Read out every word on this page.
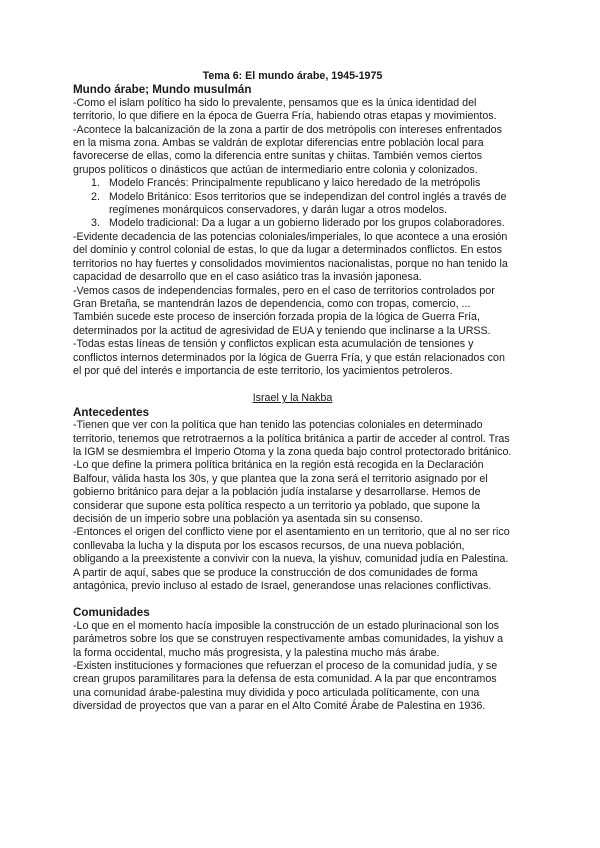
Tema 6: El mundo árabe, 1945-1975

Mundo árabe; Mundo musulmán

-Como el islam político ha sido lo prevalente, pensamos que es la única identidad del territorio, lo que difiere en la época de Guerra Fría, habiendo otras etapas y movimientos.

-Acontece la balcanización de la zona a partir de dos metrópolis con intereses enfrentados en la misma zona. Ambas se valdrán de explotar diferencias entre población local para favorecerse de ellas, como la diferencia entre sunitas y chiitas. También vemos ciertos grupos políticos o dinásticos que actúan de intermediario entre colonia y colonizados.

1. Modelo Francés: Principalmente republicano y laico heredado de la metrópolis
2. Modelo Británico: Esos territorios que se independizan del control inglés a través de regímenes monárquicos conservadores, y darán lugar a otros modelos.
3. Modelo tradicional: Da a lugar a un gobierno liderado por los grupos colaboradores.

-Evidente decadencia de las potencias coloniales/imperiales, lo que acontece a una erosión del dominio y control colonial de estas, lo que da lugar a determinados conflictos. En estos territorios no hay fuertes y consolidados movimientos nacionalistas, porque no han tenido la capacidad de desarrollo que en el caso asiático tras la invasión japonesa.

-Vemos casos de independencias formales, pero en el caso de territorios controlados por Gran Bretaña, se mantendrán lazos de dependencia, como con tropas, comercio, ... También sucede este proceso de inserción forzada propia de la lógica de Guerra Fría, determinados por la actitud de agresividad de EUA y teniendo que inclinarse a la URSS.

-Todas estas líneas de tensión y conflictos explican esta acumulación de tensiones y conflictos internos determinados por la lógica de Guerra Fría, y que están relacionados con el por qué del interés e importancia de este territorio, los yacimientos petroleros.

Israel y la Nakba

Antecedentes

-Tienen que ver con la política que han tenido las potencias coloniales en determinado territorio, tenemos que retrotraernos a la política británica a partir de acceder al control. Tras la IGM se desmiembra el Imperio Otoma y la zona queda bajo control protectorado británico.

-Lo que define la primera política británica en la región está recogida en la Declaración Balfour, válida hasta los 30s, y que plantea que la zona será el territorio asignado por el gobierno británico para dejar a la población judía instalarse y desarrollarse. Hemos de considerar que supone esta política respecto a un territorio ya poblado, que supone la decisión de un imperio sobre una población ya asentada sin su consenso.

-Entonces el origen del conflicto viene por el asentamiento en un territorio, que al no ser rico conllevaba la lucha y la disputa por los escasos recursos, de una nueva población, obligando a la preexistente a convivir con la nueva, la yishuv, comunidad judía en Palestina. A partir de aquí, sabes que se produce la construcción de dos comunidades de forma antagónica, previo incluso al estado de Israel, generandose unas relaciones conflictivas.

Comunidades

-Lo que en el momento hacía imposible la construcción de un estado plurinacional son los parámetros sobre los que se construyen respectivamente ambas comunidades, la yishuv a la forma occidental, mucho más progresista, y la palestina mucho más árabe.

-Existen instituciones y formaciones que refuerzan el proceso de la comunidad judía, y se crean grupos paramilitares para la defensa de esta comunidad. A la par que encontramos una comunidad árabe-palestina muy dividida y poco articulada políticamente, con una diversidad de proyectos que van a parar en el Alto Comité Árabe de Palestina en 1936.
